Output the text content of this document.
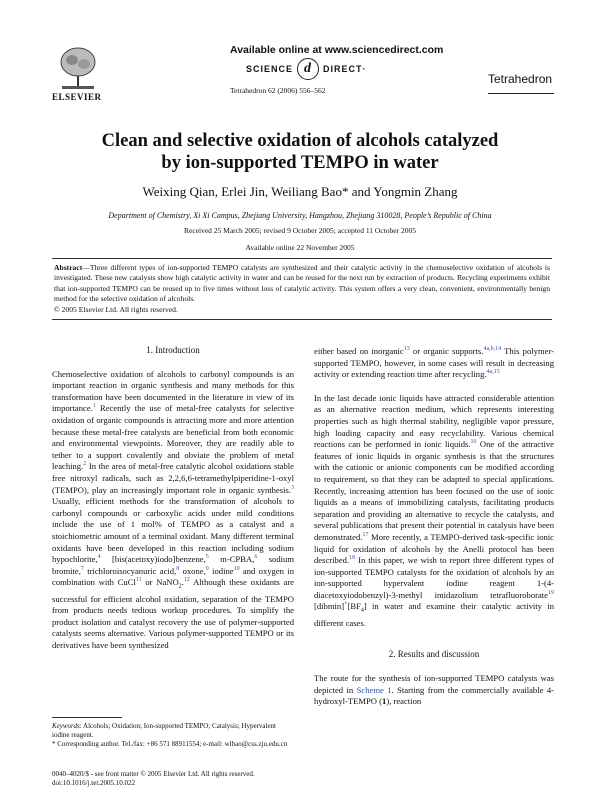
ELSEVIER
Available online at www.sciencedirect.com
SCIENCE d	DIRECT·
Tetrahedron 62 (2006) 556–562
Tetrahedron
Clean and selective oxidation of alcohols catalyzed
by ion-supported TEMPO in water
Weixing Qian, Erlei Jin, Weiliang Bao* and Yongmin Zhang
Department of Chemistry, Xi Xi Campus, Zhejiang University, Hangzhou, Zhejiang 310028, People’s Republic of China
Received 25 March 2005; revised 9 October 2005; accepted 11 October 2005
Available online 22 November 2005
Abstract—Three different types of ion-supported TEMPO catalysts are synthesized and their catalytic activity in the chemoselective oxidation of alcohols is investigated. These new catalysts show high catalytic activity in water and can be reused for the next run by extraction of products. Recycling experiments exhibit that ion-supported TEMPO can be reused up to five times without loss of catalytic activity. This system offers a very clean, convenient, environmentally benign method for the selective oxidation of alcohols.
© 2005 Elsevier Ltd. All rights reserved.
1. Introduction

Chemoselective oxidation of alcohols to carbonyl compounds is an important reaction in organic synthesis and many methods for this transformation have been documented in the literature in view of its importance.$^1$ Recently the use of metal-free catalysts for selective oxidation of organic compounds is attracting more and more attention because these metal-free catalysts are beneficial from both economic and environmental viewpoints. Moreover, they are readily able to tether to a support covalently and obviate the problem of metal leaching.$^2$ In the area of metal-free catalytic alcohol oxidations stable free nitroxyl radicals, such as 2,2,6,6-tetramethylpiperidine-1-oxyl (TEMPO), play an increasingly important role in organic synthesis.$^3$ Usually, efficient methods for the transformation of alcohols to carbonyl compounds or carboxylic acids under mild conditions include the use of 1 mol% of TEMPO as a catalyst and a stoichiometric amount of a terminal oxidant. Many different terminal oxidants have been developed in this reaction including sodium hypochlorite,$^4$ [bis(acetoxy)iodo]benzene,$^5$ m-CPBA,$^6$ sodium bromite,$^7$ trichloroisocyanuric acid,$^8$ oxone,$^9$ iodine$^{10}$ and oxygen in combination with CuCl$^{11}$ or NaNO$_2$.$^{12}$ Although these oxidants are successful for efficient alcohol oxidation, separation of the TEMPO from products needs tedious workup procedures. To simplify the product isolation and catalyst recovery the use of polymer-supported catalysts seems alternative. Various polymer-supported TEMPO or its derivatives have been synthesized

either based on inorganic$^{13}$ or organic supports.$^{4a,b,14}$ This polymer-supported TEMPO, however, in some cases will result in decreasing activity or extending reaction time after recycling.$^{4a,15}$

In the last decade ionic liquids have attracted considerable attention as an alternative reaction medium, which represents interesting properties such as high thermal stability, negligible vapor pressure, high loading capacity and easy recyclability. Various chemical reactions can be performed in ionic liquids.$^{16}$ One of the attractive features of ionic liquids in organic synthesis is that the structures with the cationic or anionic components can be modified according to requirement, so that they can be adapted to special applications. Recently, increasing attention has been focused on the use of ionic liquids as a means of immobilizing catalysts, facilitating products separation and providing an alternative to recycle the catalysts, and several publications that present their potential in catalysis have been demonstrated.$^{17}$ More recently, a TEMPO-derived task-specific ionic liquid for oxidation of alcohols by the Anelli protocol has been described.$^{18}$ In this paper, we wish to report three different types of ion-supported TEMPO catalysts for the oxidation of alcohols by an ion-supported hypervalent iodine reagent 1-(4-diacetoxyiodobenzyl)-3-methyl imidazolium tetrafluoroborate$^{19}$ $[dibmin]^+[BF_4]$ in water and examine their catalytic activity in different cases.

2. Results and discussion

The route for the synthesis of ion-supported TEMPO catalysts was depicted in Scheme 1. Starting from the commercially available 4-hydroxyl-TEMPO (1), reaction

Keywords: Alcohols; Oxidation; Ion-supported TEMPO; Catalysis; Hypervalent iodine reagent.
* Corresponding author. Tel./fax: +86 571 88911554; e-mail: wlbao@css.zju.edu.cn
0040–4020/$ - see front matter © 2005 Elsevier Ltd. All rights reserved.
doi:10.1016/j.tet.2005.10.022
